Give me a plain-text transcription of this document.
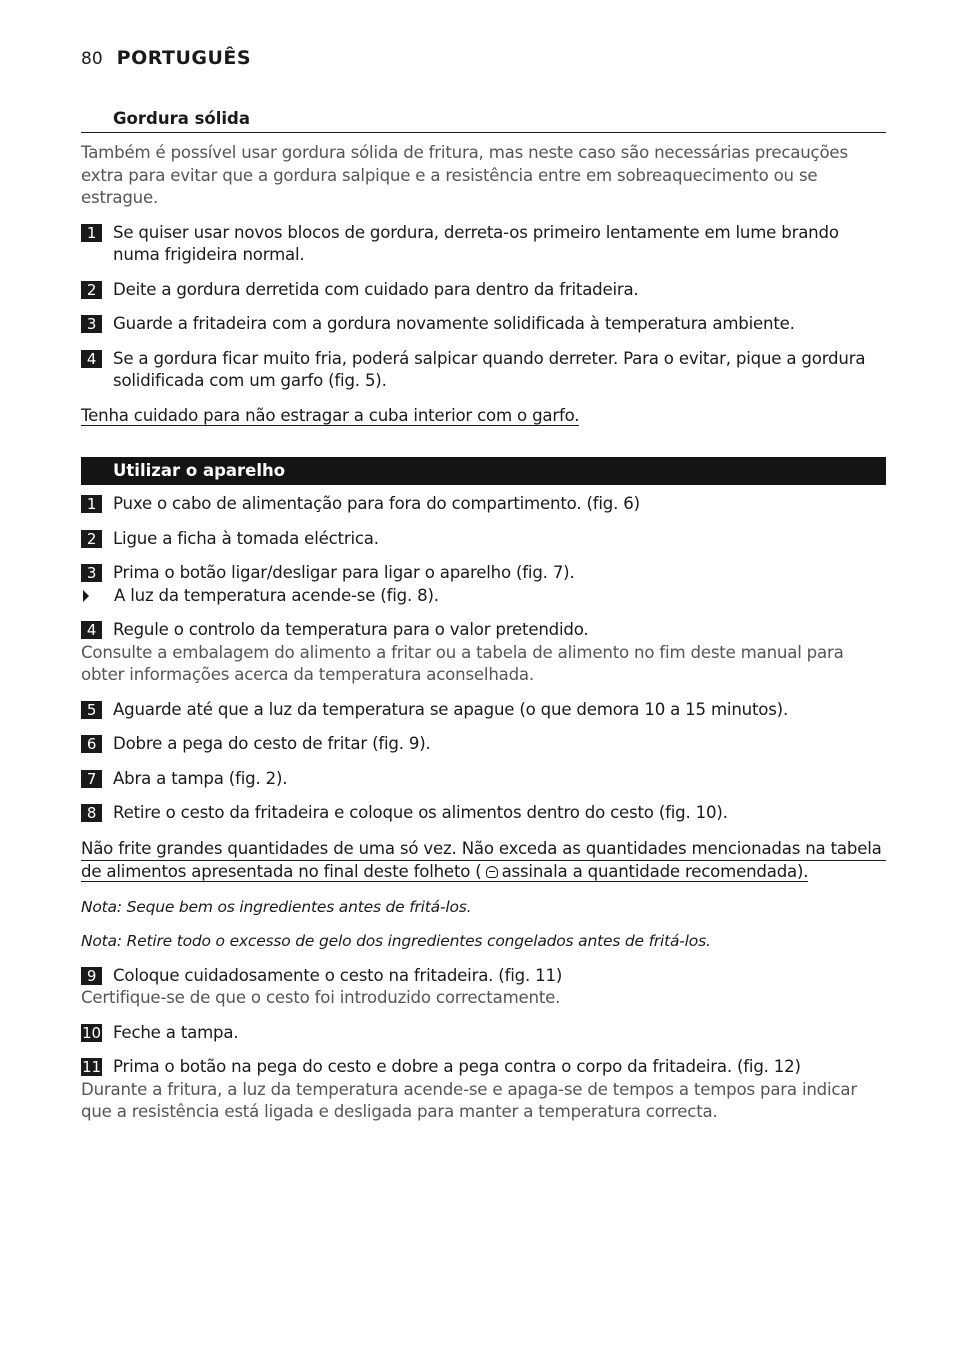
80 PORTUGUÊS
Gordura sólida
Também é possível usar gordura sólida de fritura, mas neste caso são necessárias precauções extra para evitar que a gordura salpique e a resistência entre em sobreaquecimento ou se estrague.
1	Se quiser usar novos blocos de gordura, derreta-os primeiro lentamente em lume brando numa frigideira normal.
2	Deite a gordura derretida com cuidado para dentro da fritadeira.
3	Guarde a fritadeira com a gordura novamente solidificada à temperatura ambiente.
4	Se a gordura ficar muito fria, poderá salpicar quando derreter. Para o evitar, pique a gordura solidificada com um garfo (fig. 5).
Tenha cuidado para não estragar a cuba interior com o garfo.
Utilizar o aparelho
1	Puxe o cabo de alimentação para fora do compartimento. (fig. 6)
2	Ligue a ficha à tomada eléctrica.
3	Prima o botão ligar/desligar para ligar o aparelho (fig. 7).
A luz da temperatura acende-se (fig. 8).
4	Regule o controlo da temperatura para o valor pretendido.
Consulte a embalagem do alimento a fritar ou a tabela de alimento no fim deste manual para obter informações acerca da temperatura aconselhada.
5	Aguarde até que a luz da temperatura se apague (o que demora 10 a 15 minutos).
6	Dobre a pega do cesto de fritar (fig. 9).
7	Abra a tampa (fig. 2).
8	Retire o cesto da fritadeira e coloque os alimentos dentro do cesto (fig. 10).
Não frite grandes quantidades de uma só vez. Não exceda as quantidades mencionadas na tabela
de alimentos apresentada no final deste folheto ( assinala a quantidade recomendada).
Nota: Seque bem os ingredientes antes de fritá-los.
Nota: Retire todo o excesso de gelo dos ingredientes congelados antes de fritá-los.
9	Coloque cuidadosamente o cesto na fritadeira. (fig. 11)
Certifique-se de que o cesto foi introduzido correctamente.
10 Feche a tampa.
11 Prima o botão na pega do cesto e dobre a pega contra o corpo da fritadeira. (fig. 12)
Durante a fritura, a luz da temperatura acende-se e apaga-se de tempos a tempos para indicar que a resistência está ligada e desligada para manter a temperatura correcta.
